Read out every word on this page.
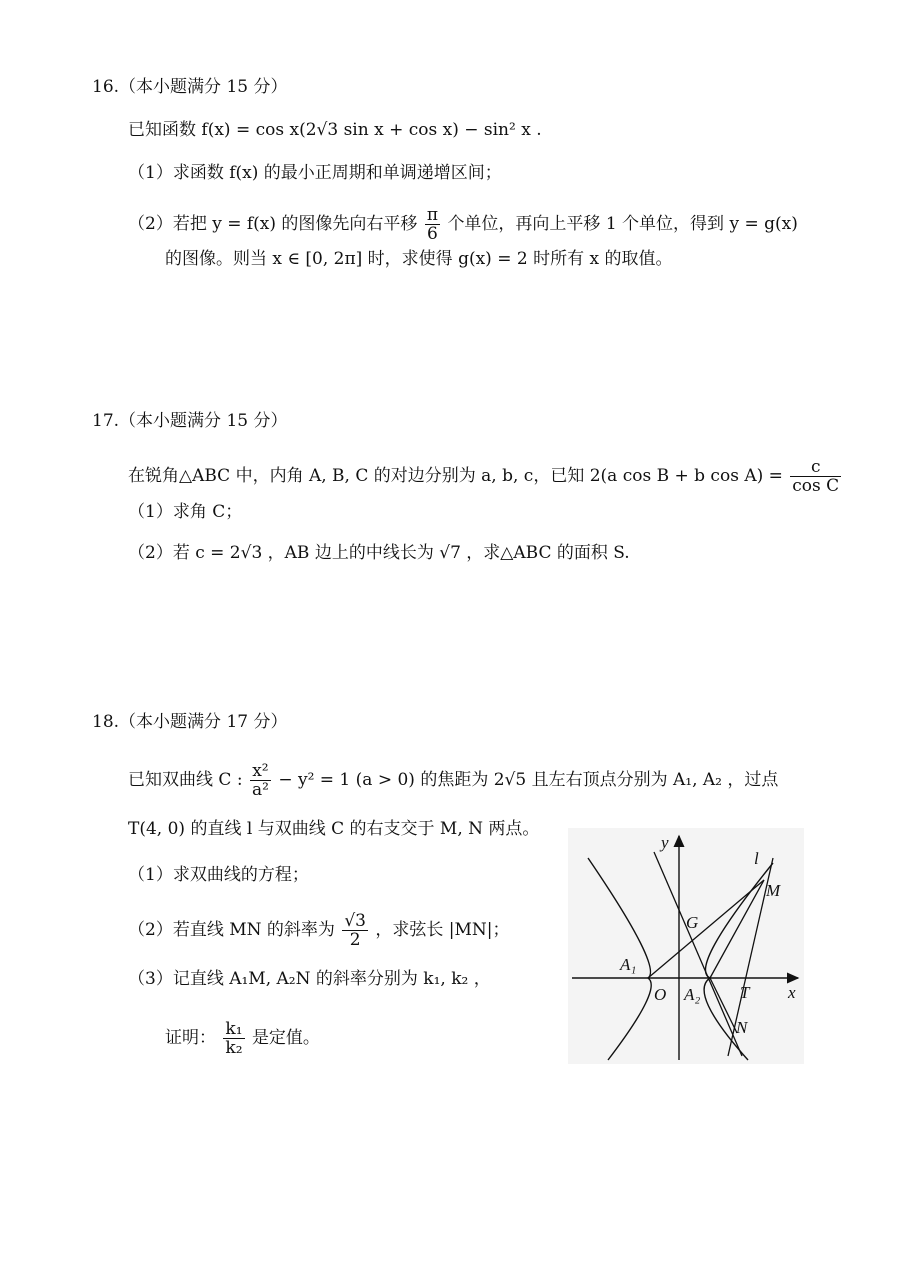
16.（本小题满分 15 分）
已知函数 f(x) = cos x(2√3 sin x + cos x) − sin² x .
（1）求函数 f(x) 的最小正周期和单调递增区间；
（2）若把 y = f(x) 的图像先向右平移 $\frac{\pi}{6}$ 个单位，再向上平移 1 个单位，得到 y = g(x)
的图像。则当 x ∈ [0, 2π] 时，求使得 g(x) = 2 时所有 x 的取值。
17.（本小题满分 15 分）
在锐角△ABC 中，内角 A, B, C 的对边分别为 a, b, c，已知 2(a cos B + b $\cos A) = \frac{c}{\text{cos C}}$
（1）求角 C；
（2）若 c = 2√3 ，AB 边上的中线长为 √7 ，求△ABC 的面积 S.
18.（本小题满分 17 分）
已知双曲线 C : $\frac{\text{x²}}{\text{a²}} - y^2 = 1$ (a > 0) 的焦距为 2√5 且左右顶点分别为 A₁, A₂ ，过点
T(4, 0) 的直线 l 与双曲线 C 的右支交于 M, N 两点。
（1）求双曲线的方程；
（2）若直线 MN 的斜率为 $\frac{√3}{2}$ ，求弦长 |MN|；
（3）记直线 A₁M, A₂N 的斜率分别为 k₁, k₂ ，
证明： $\frac{\text{k₁}}{\text{k₂}}$ 是定值。
y
x
l
M
G
A₁
O A₂ T
N
